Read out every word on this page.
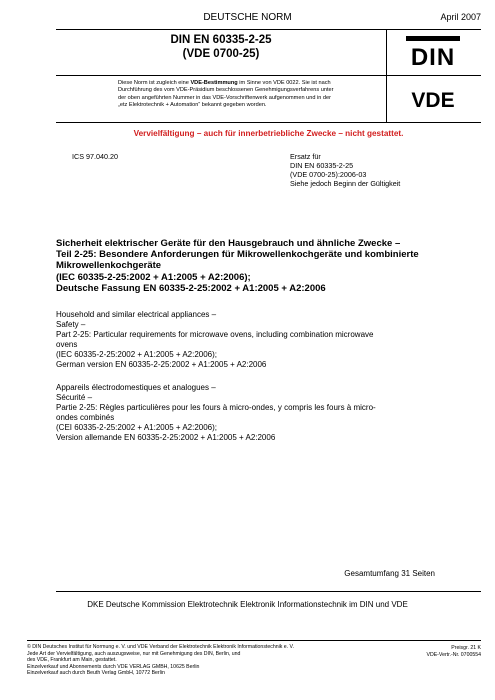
DEUTSCHE NORM	April 2007
DIN EN 60335-2-25
(VDE 0700-25)	DIN
Diese Norm ist zugleich eine VDE-Bestimmung im Sinne von VDE 0022. Sie ist nach
Durchführung des vom VDE-Präsidium beschlossenen Genehmigungsverfahrens unter
der oben angeführten Nummer in das VDE-Vorschriftenwerk aufgenommen und in der
„etz Elektrotechnik + Automation“ bekannt gegeben worden.	VDE
Vervielfältigung – auch für innerbetriebliche Zwecke – nicht gestattet.
ICS 97.040.20	Ersatz für
DIN EN 60335-2-25
(VDE 0700-25):2006-03
Siehe jedoch Beginn der Gültigkeit
Sicherheit elektrischer Geräte für den Hausgebrauch und ähnliche Zwecke –
Teil 2-25: Besondere Anforderungen für Mikrowellenkochgeräte und kombinierte
Mikrowellenkochgeräte
(IEC 60335-2-25:2002 + A1:2005 + A2:2006);
Deutsche Fassung EN 60335-2-25:2002 + A1:2005 + A2:2006
Household and similar electrical appliances –
Safety –
Part 2-25: Particular requirements for microwave ovens, including combination microwave
ovens
(IEC 60335-2-25:2002 + A1:2005 + A2:2006);
German version EN 60335-2-25:2002 + A1:2005 + A2:2006
Appareils électrodomestiques et analogues –
Sécurité –
Partie 2-25: Règles particulières pour les fours à micro-ondes, y compris les fours à micro-
ondes combinés
(CEI 60335-2-25:2002 + A1:2005 + A2:2006);
Version allemande EN 60335-2-25:2002 + A1:2005 + A2:2006
Gesamtumfang 31 Seiten
DKE Deutsche Kommission Elektrotechnik Elektronik Informationstechnik im DIN und VDE
© DIN Deutsches Institut für Normung e. V. und VDE Verband der Elektrotechnik Elektronik Informationstechnik e. V.
Jede Art der Vervielfältigung, auch auszugsweise, nur mit Genehmigung des DIN, Berlin, und
des VDE, Frankfurt am Main, gestattet.
Einzelverkauf und Abonnements durch VDE VERLAG GMBH, 10625 Berlin
Einzelverkauf auch durch Beuth Verlag GmbH, 10772 Berlin
Preisgr. 21 K
VDE-Vertr.-Nr. 0700554
